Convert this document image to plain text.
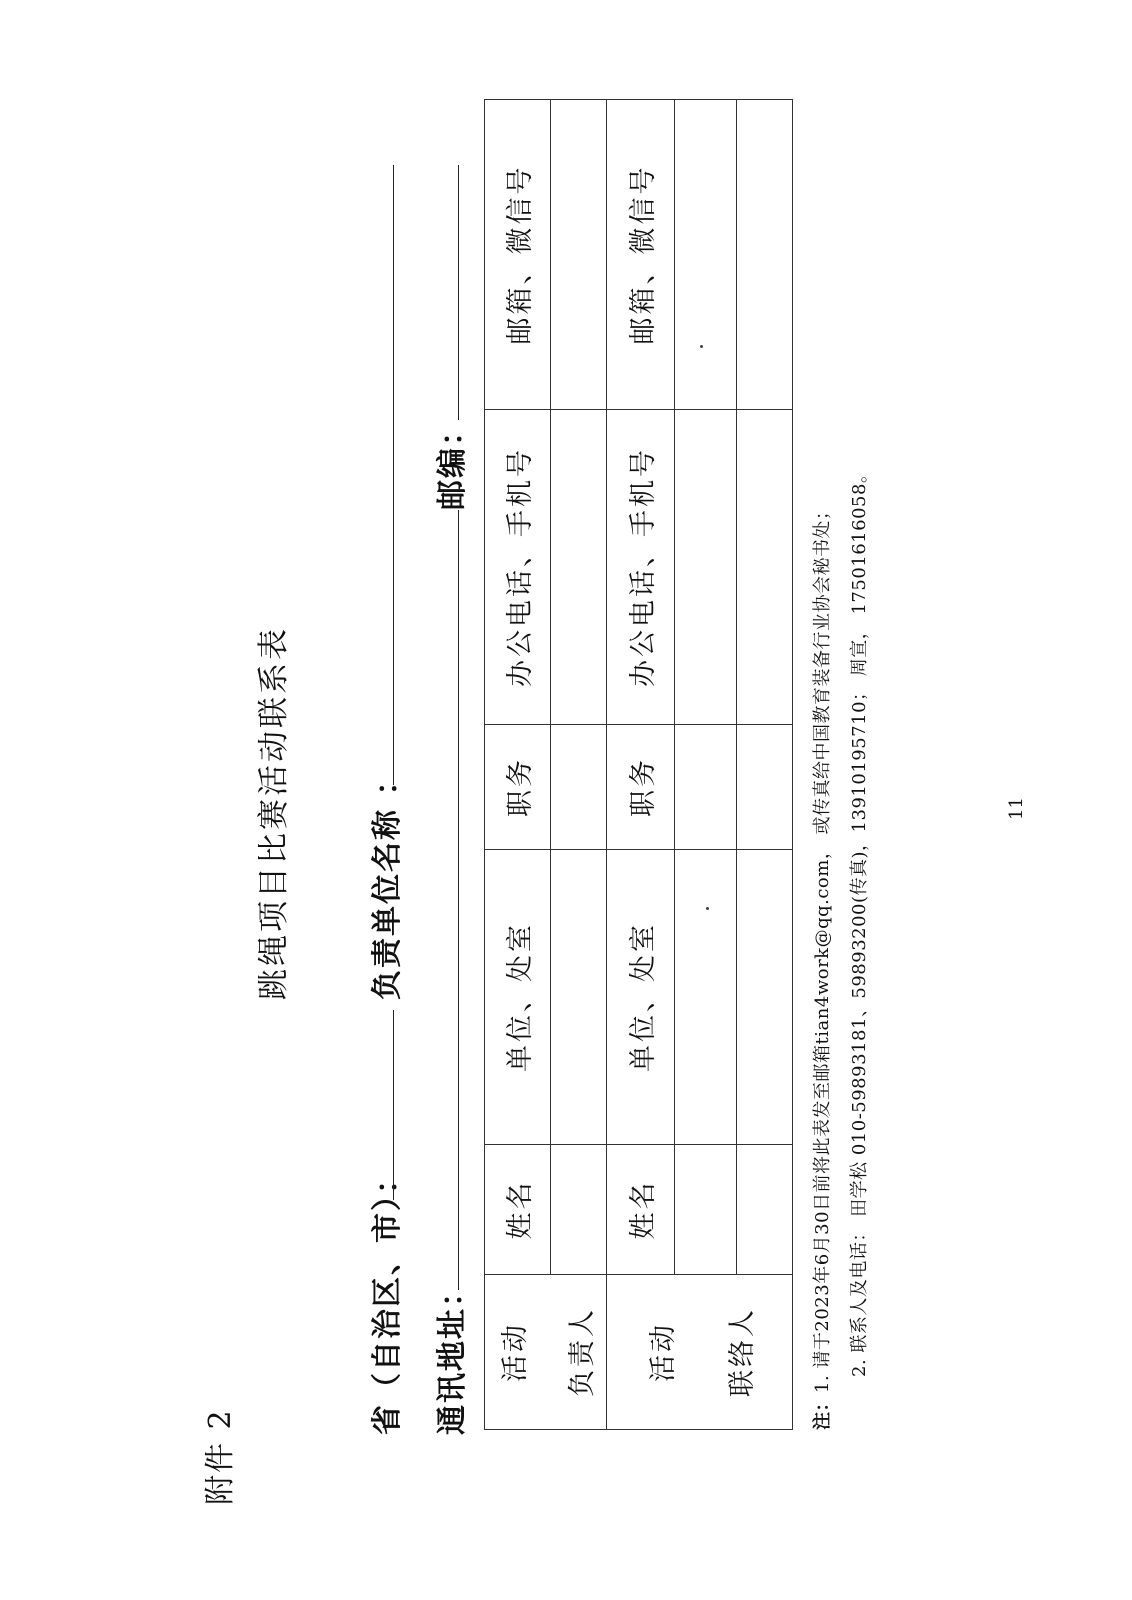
附件 2
跳绳项目比赛活动联系表
省（自治区、市）：
负责单位名称 ：
通讯地址：
邮编：
活动 负责人	姓名	单位、处室	职务	办公电话、手机号	邮箱、微信号

活动 联络人	姓名	单位、处室	职务	办公电话、手机号	邮箱、微信号

注：1. 请于2023年6月30日前将此表发至邮箱tian4work@qq.com， 或传真给中国教育装备行业协会秘书处； 2. 联系人及电话： 田学松 010-59893181、59893200(传真)，13910195710； 周宣， 17501616058。	11
